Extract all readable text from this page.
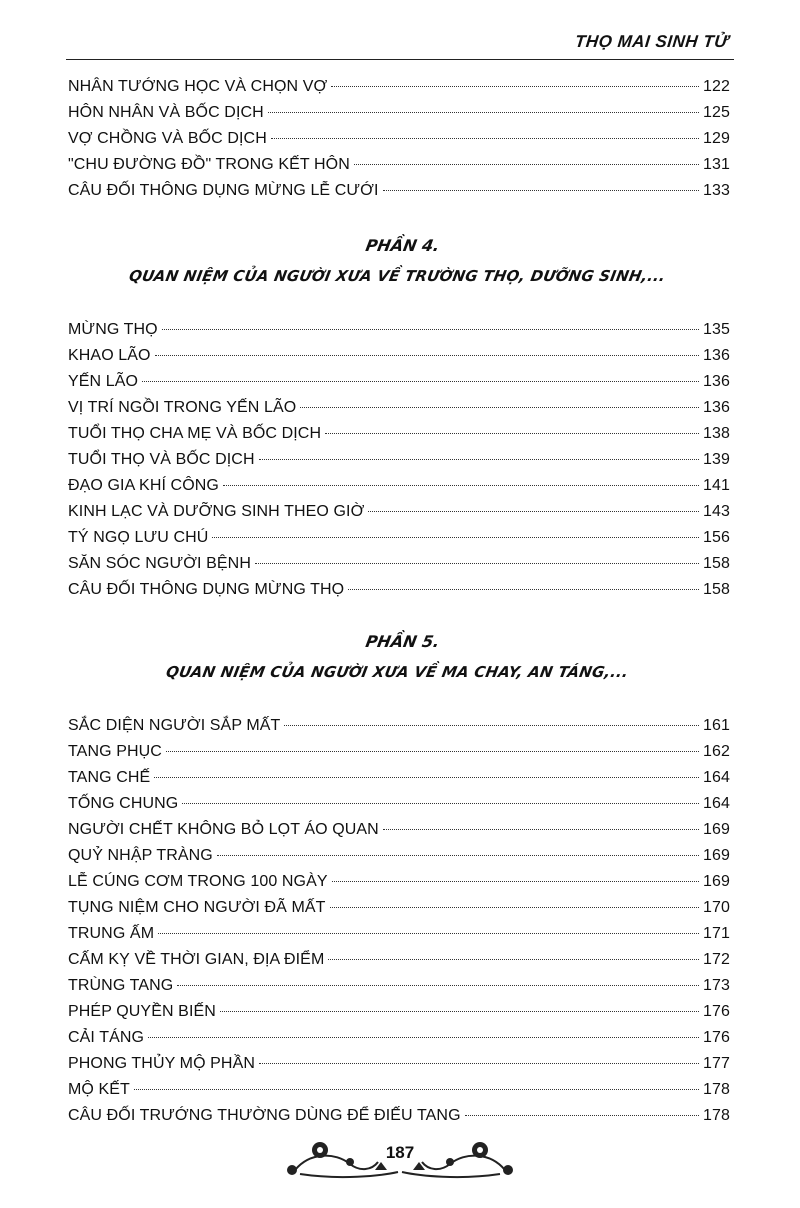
THỌ MAI SINH TỬ
NHÂN TƯỚNG HỌC VÀ CHỌN VỢ	122
HÔN NHÂN VÀ BỐC DỊCH	125
VỢ CHỒNG VÀ BỐC DỊCH	129
"CHU ĐƯỜNG ĐỒ" TRONG KẾT HÔN	131
CÂU ĐỐI THÔNG DỤNG MỪNG LỄ CƯỚI	133
PHẦN 4.
QUAN NIỆM CỦA NGƯỜI XƯA VỀ TRƯỜNG THỌ, DƯỠNG SINH,...
MỪNG THỌ	135
KHAO LÃO	136
YẾN LÃO	136
VỊ TRÍ NGỒI TRONG YẾN LÃO	136
TUỔI THỌ CHA MẸ VÀ BỐC DỊCH	138
TUỔI THỌ VÀ BỐC DỊCH	139
ĐẠO GIA KHÍ CÔNG	141
KINH LẠC VÀ DƯỠNG SINH THEO GIỜ	143
TÝ NGỌ LƯU CHÚ	156
SĂN SÓC NGƯỜI BỆNH	158
CÂU ĐỐI THÔNG DỤNG MỪNG THỌ	158
PHẦN 5.
QUAN NIỆM CỦA NGƯỜI XƯA VỀ MA CHAY, AN TÁNG,...
SẮC DIỆN NGƯỜI SẮP MẤT	161
TANG PHỤC	162
TANG CHẾ	164
TỐNG CHUNG	164
NGƯỜI CHẾT KHÔNG BỎ LỌT ÁO QUAN	169
QUỶ NHẬP TRÀNG	169
LỄ CÚNG CƠM TRONG 100 NGÀY	169
TỤNG NIỆM CHO NGƯỜI ĐÃ MẤT	170
TRUNG ẤM	171
CẤM KỴ VỀ THỜI GIAN, ĐỊA ĐIỂM	172
TRÙNG TANG	173
PHÉP QUYỀN BIẾN	176
CẢI TÁNG	176
PHONG THỦY MỘ PHẦN	177
MỘ KẾT	178
CÂU ĐỐI TRƯỚNG THƯỜNG DÙNG ĐỂ ĐIẾU TANG	178
187
